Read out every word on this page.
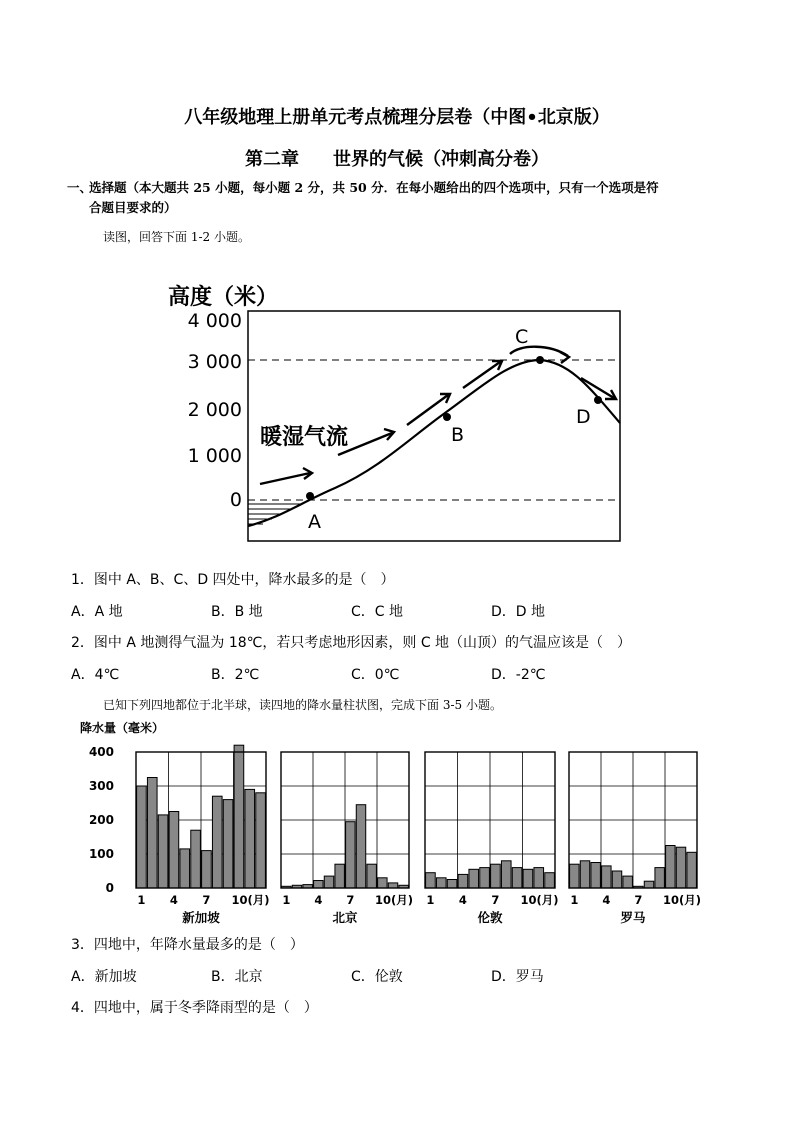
八年级地理上册单元考点梳理分层卷（中图•北京版）
第二章 世界的气候（冲刺高分卷）
一、
选择题（本大题共 25 小题，每小题 2 分，共 50 分．在每小题给出的四个选项中，只有一个选项是符
合题目要求的）
读图，回答下面 1-2 小题。
高度（米）
4 000
3 000
2 000
1 000
0
A
B
C
D
暖湿气流
1．图中 A、B、C、D 四处中，降水最多的是（　）
A．A 地	B．B 地	C．C 地	D．D 地
2．图中 A 地测得气温为 18℃，若只考虑地形因素，则 C 地（山顶）的气温应该是（　）
A．4℃	B．2℃	C．0℃	D．-2℃
已知下列四地都位于北半球，读四地的降水量柱状图，完成下面 3-5 小题。
降水量（毫米）
400
300
200
100
0
1 4 7 10(月)
新加坡
1 4 7 10(月)
北京
1 4 7 10(月)
伦敦
1 4 7 10(月)
罗马
3．四地中，年降水量最多的是（　）
A．新加坡	B．北京	C．伦敦	D．罗马
4．四地中，属于冬季降雨型的是（　）
